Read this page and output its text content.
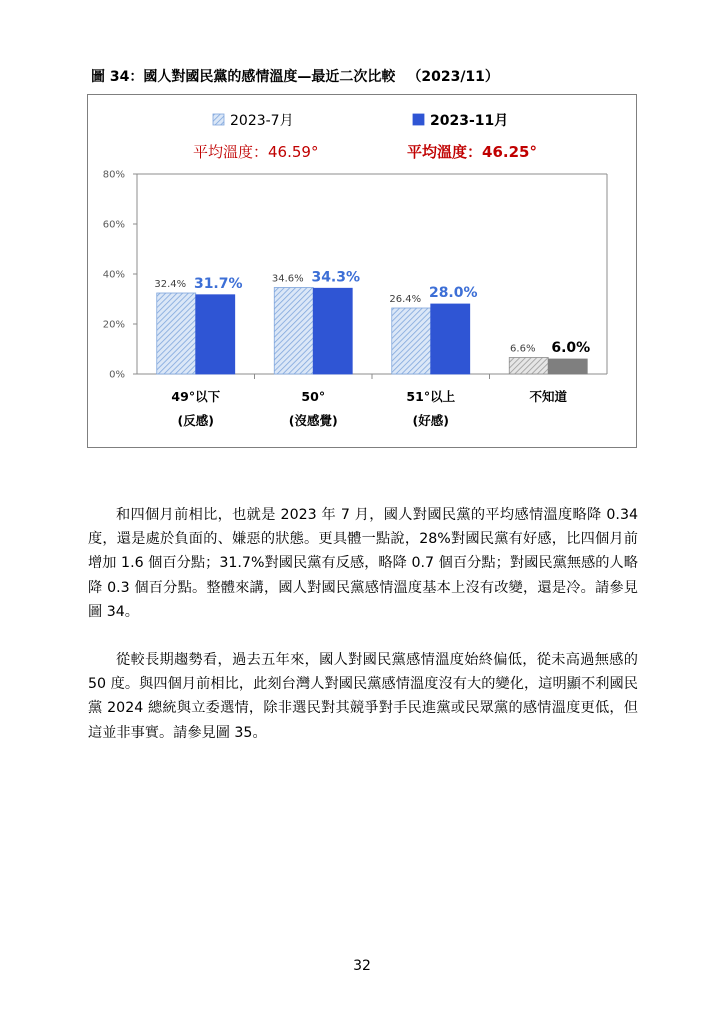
圖 34：國人對國民黨的感情溫度—最近二次比較 （2023/11）
0%
20%
40%
60%
80%
32.4% 31.7%
49°以下
(反感)
34.6% 34.3%
50°
(沒感覺)
26.4% 28.0%
51°以上
(好感)
6.6% 6.0%
不知道
2023-7月	2023-11月
平均溫度：46.59°	平均溫度：46.25°

和四個月前相比，也就是 2023 年 7 月，國人對國民黨的平均感情溫度略降 0.34 度，還是處於負面的、嫌惡的狀態。更具體一點說，28%對國民黨有好感，比四個月前增加 1.6 個百分點；31.7%對國民黨有反感，略降 0.7 個百分點；對國民黨無感的人略降 0.3 個百分點。整體來講，國人對國民黨感情溫度基本上沒有改變，還是冷。請參見圖 34。

從較長期趨勢看，過去五年來，國人對國民黨感情溫度始終偏低，從未高過無感的 50 度。與四個月前相比，此刻台灣人對國民黨感情溫度沒有大的變化，這明顯不利國民黨 2024 總統與立委選情，除非選民對其競爭對手民進黨或民眾黨的感情溫度更低，但這並非事實。請參見圖 35。

32
